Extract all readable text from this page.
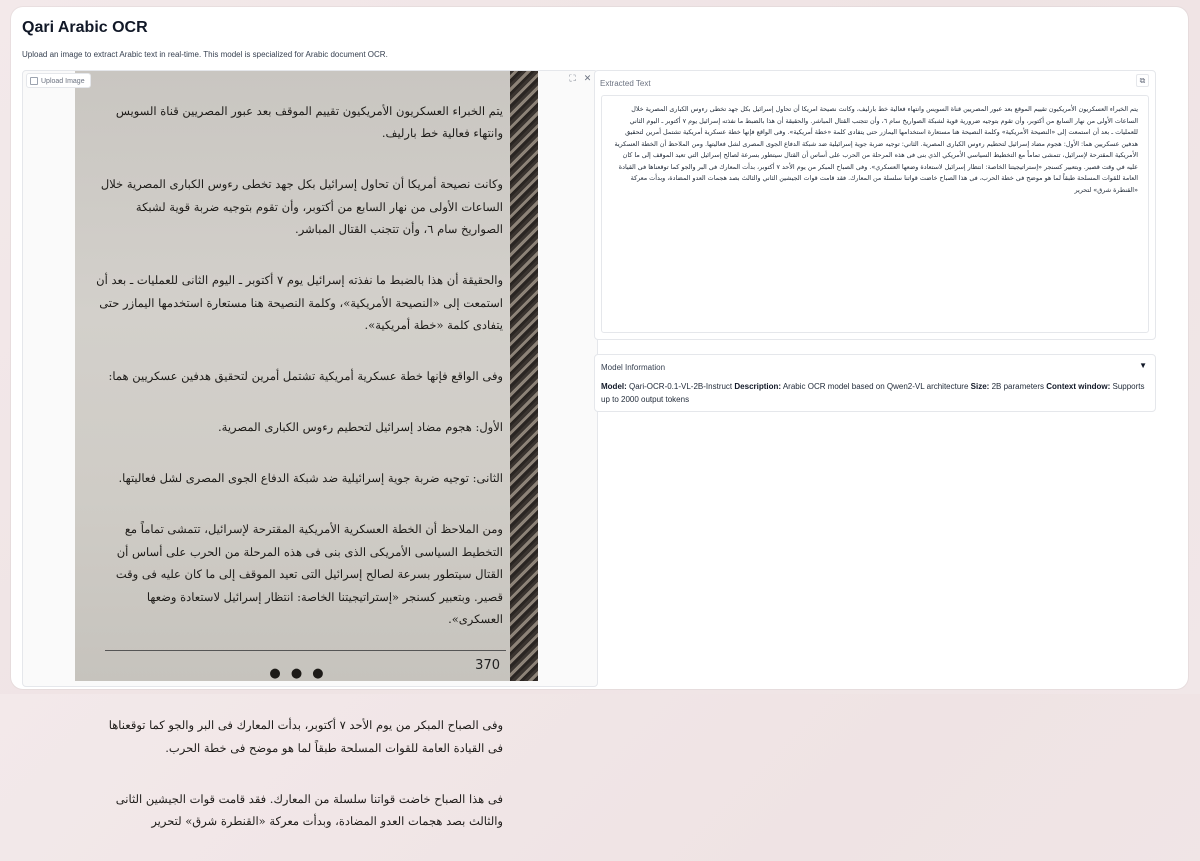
Qari Arabic OCR
Upload an image to extract Arabic text in real-time. This model is specialized for Arabic document OCR.
Upload Image

يتم الخبراء العسكريون الأمريكيون تقييم الموقف بعد عبور المصريين قناة السويس وانتهاء فعالية خط بارليف.

وكانت نصيحة أمريكا أن تحاول إسرائيل بكل جهد تخطى رءوس الكبارى المصرية خلال الساعات الأولى من نهار السابع من أكتوبر، وأن تقوم بتوجيه ضربة قوية لشبكة الصواريخ سام ٦، وأن تتجنب القتال المباشر.

والحقيقة أن هذا بالضبط ما نفذته إسرائيل يوم ٧ أكتوبر ـ اليوم الثانى للعمليات ـ بعد أن استمعت إلى «النصيحة الأمريكية»، وكلمة النصيحة هنا مستعارة استخدمها اليمازر حتى يتفادى كلمة «خطة أمريكية».

وفى الواقع فإنها خطة عسكرية أمريكية تشتمل أمرين لتحقيق هدفين عسكريين هما:

الأول: هجوم مضاد إسرائيل لتحطيم رءوس الكبارى المصرية.

الثانى: توجيه ضربة جوية إسرائيلية ضد شبكة الدفاع الجوى المصرى لشل فعاليتها.

ومن الملاحظ أن الخطة العسكرية الأمريكية المقترحة لإسرائيل، تتمشى تماماً مع التخطيط السياسى الأمريكى الذى بنى فى هذه المرحلة من الحرب على أساس أن القتال سيتطور بسرعة لصالح إسرائيل التى تعيد الموقف إلى ما كان عليه فى وقت قصير. وبتعبير كسنجر «إستراتيجيتنا الخاصة: انتظار إسرائيل لاستعادة وضعها العسكرى».

● ● ●

وفى الصباح المبكر من يوم الأحد ٧ أكتوبر، بدأت المعارك فى البر والجو كما توقعناها فى القيادة العامة للقوات المسلحة طبقاً لما هو موضح فى خطة الحرب.

فى هذا الصباح خاضت قواتنا سلسلة من المعارك. فقد قامت قوات الجيشين الثانى والثالث بصد هجمات العدو المضادة، وبدأت معركة «القنطرة شرق» لتحرير

370
⛶ ✕
Extracted Text	⧉
يتم الخبراء العسكريون الأمريكيون تقييم الموقع بعد عبور المصريين قناة السويس وانتهاء فعالية خط بارليف، وكانت نصيحة امريكا أن تحاول إسرائيل بكل جهد تخطى رءوس الكبارى المصرية خلال الساعات الأولى من نهار السابع من أكتوبر، وأن تقوم بتوجيه ضرورية قوية لشبكة الصواريخ سام ٦، وأن تتجنب القتال المباشر. والحقيقة أن هذا بالضبط ما نفذته إسرائيل يوم ٧ أكتوبر ـ اليوم الثاني للعمليات ـ بعد أن استمعت إلى «النصيحة الأمريكية» وكلمة النصيحة هنا مستعارة استخدامها اليمازر حتى يتفادى كلمة «خطة أمريكية». وفى الواقع فإنها خطة عسكرية أمريكية تشتمل أمرين لتحقيق هدفين عسكريين هما: الأول: هجوم مضاد إسرائيل لتحطيم رءوس الكبارى المصرية. الثاني: توجيه ضربة جوية إسرائيلية ضد شبكة الدفاع الجوى المصرى لشل فعاليتها. ومن الملاحظ أن الخطة العسكرية الأمريكية المقترحة لإسرائيل، تتمشى تماماً مع التخطيط السياسي الأمريكي الذي بنى فى هذه المرحلة من الحرب على أساس أن القتال سيتطور بسرعة لصالح إسرائيل التي تعيد الموقف إلى ما كان عليه في وقت قصير. وبتعبير كسنجر «إستراتيجيتنا الخاصة: انتظار إسرائيل لاستعادة وضعها العسكري». وفى الصباح المبكر من يوم الأحد ٧ أكتوبر، بدأت المعارك فى البر والجو كما توقعناها فى القيادة العامة للقوات المسلحة طبقاً لما هو موضح فى خطة الحرب، فى هذا الصباح خاضت قواتنا سلسلة من المعارك. فقد قامت قوات الجيشين الثاني والثالث بصد هجمات العدو المضادة، وبدأت معركة «القنطرة شرق» لتحرير
Model Information	▼
Model: Qari-OCR-0.1-VL-2B-Instruct Description: Arabic OCR model based on Qwen2-VL architecture Size: 2B parameters Context window: Supports up to 2000 output tokens
